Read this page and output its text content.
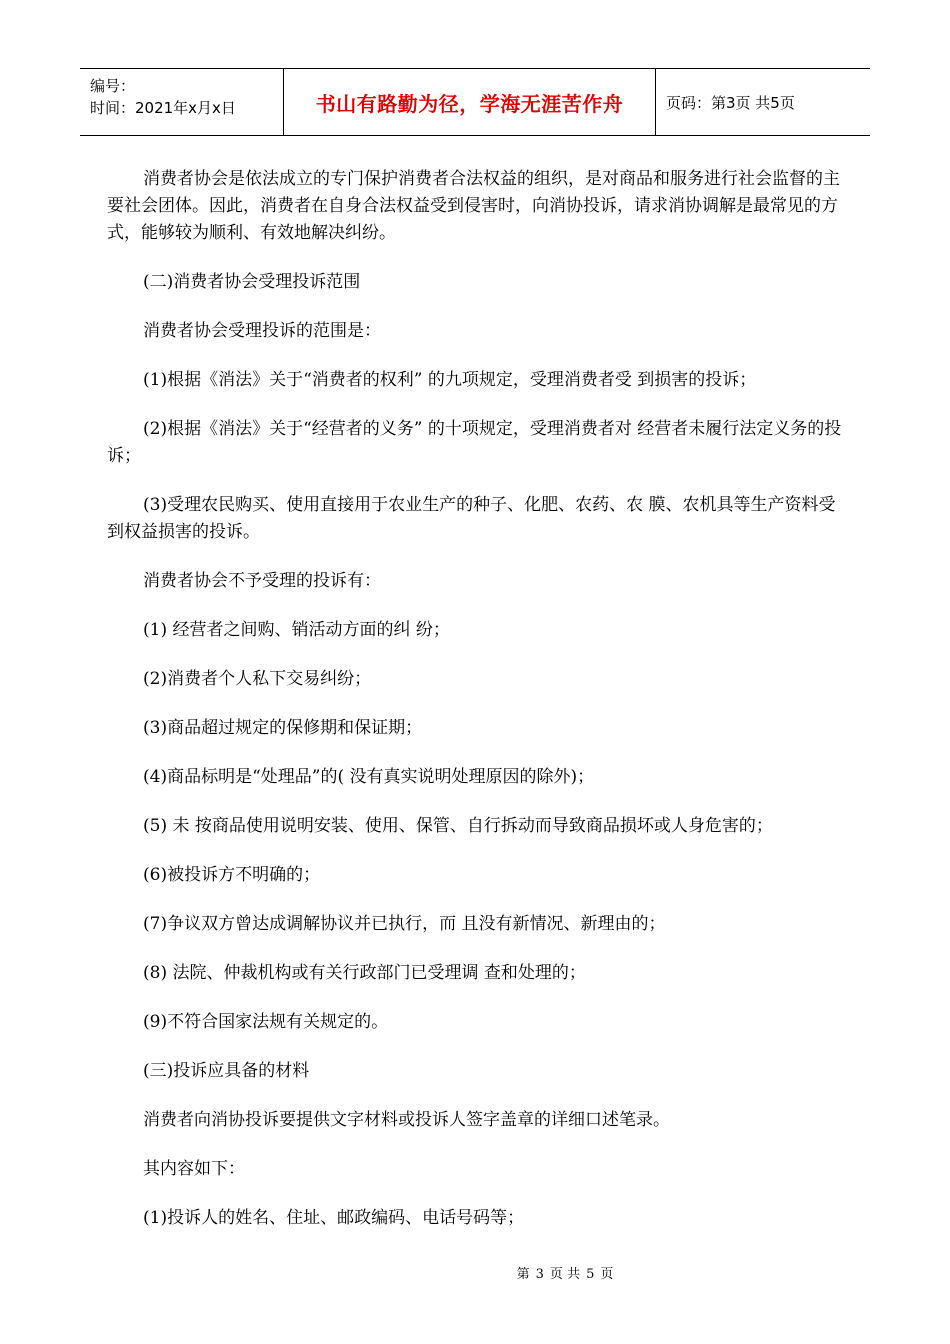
编号：
时间：2021年x月x日	书山有路勤为径，学海无涯苦作舟	页码：第3页 共5页

消费者协会是依法成立的专门保护消费者合法权益的组织，是对商品和服务进行社会监督的主要社会团体。因此，消费者在自身合法权益受到侵害时，向消协投诉，请求消协调解是最常见的方式，能够较为顺利、有效地解决纠纷。

(二)消费者协会受理投诉范围

消费者协会受理投诉的范围是：

(1)根据《消法》关于“消费者的权利” 的九项规定，受理消费者受 到损害的投诉；

(2)根据《消法》关于“经营者的义务” 的十项规定，受理消费者对 经营者未履行法定义务的投诉；

(3)受理农民购买、使用直接用于农业生产的种子、化肥、农药、农 膜、农机具等生产资料受到权益损害的投诉。

消费者协会不予受理的投诉有：

(1) 经营者之间购、销活动方面的纠 纷；

(2)消费者个人私下交易纠纷；

(3)商品超过规定的保修期和保证期；

(4)商品标明是“处理品”的( 没有真实说明处理原因的除外)；

(5) 未 按商品使用说明安装、使用、保管、自行拆动而导致商品损坏或人身危害的；

(6)被投诉方不明确的；

(7)争议双方曾达成调解协议并已执行，而 且没有新情况、新理由的；

(8) 法院、仲裁机构或有关行政部门已受理调 查和处理的；

(9)不符合国家法规有关规定的。

(三)投诉应具备的材料

消费者向消协投诉要提供文字材料或投诉人签字盖章的详细口述笔录。

其内容如下：

(1)投诉人的姓名、住址、邮政编码、电话号码等；

第 3 页 共 5 页
